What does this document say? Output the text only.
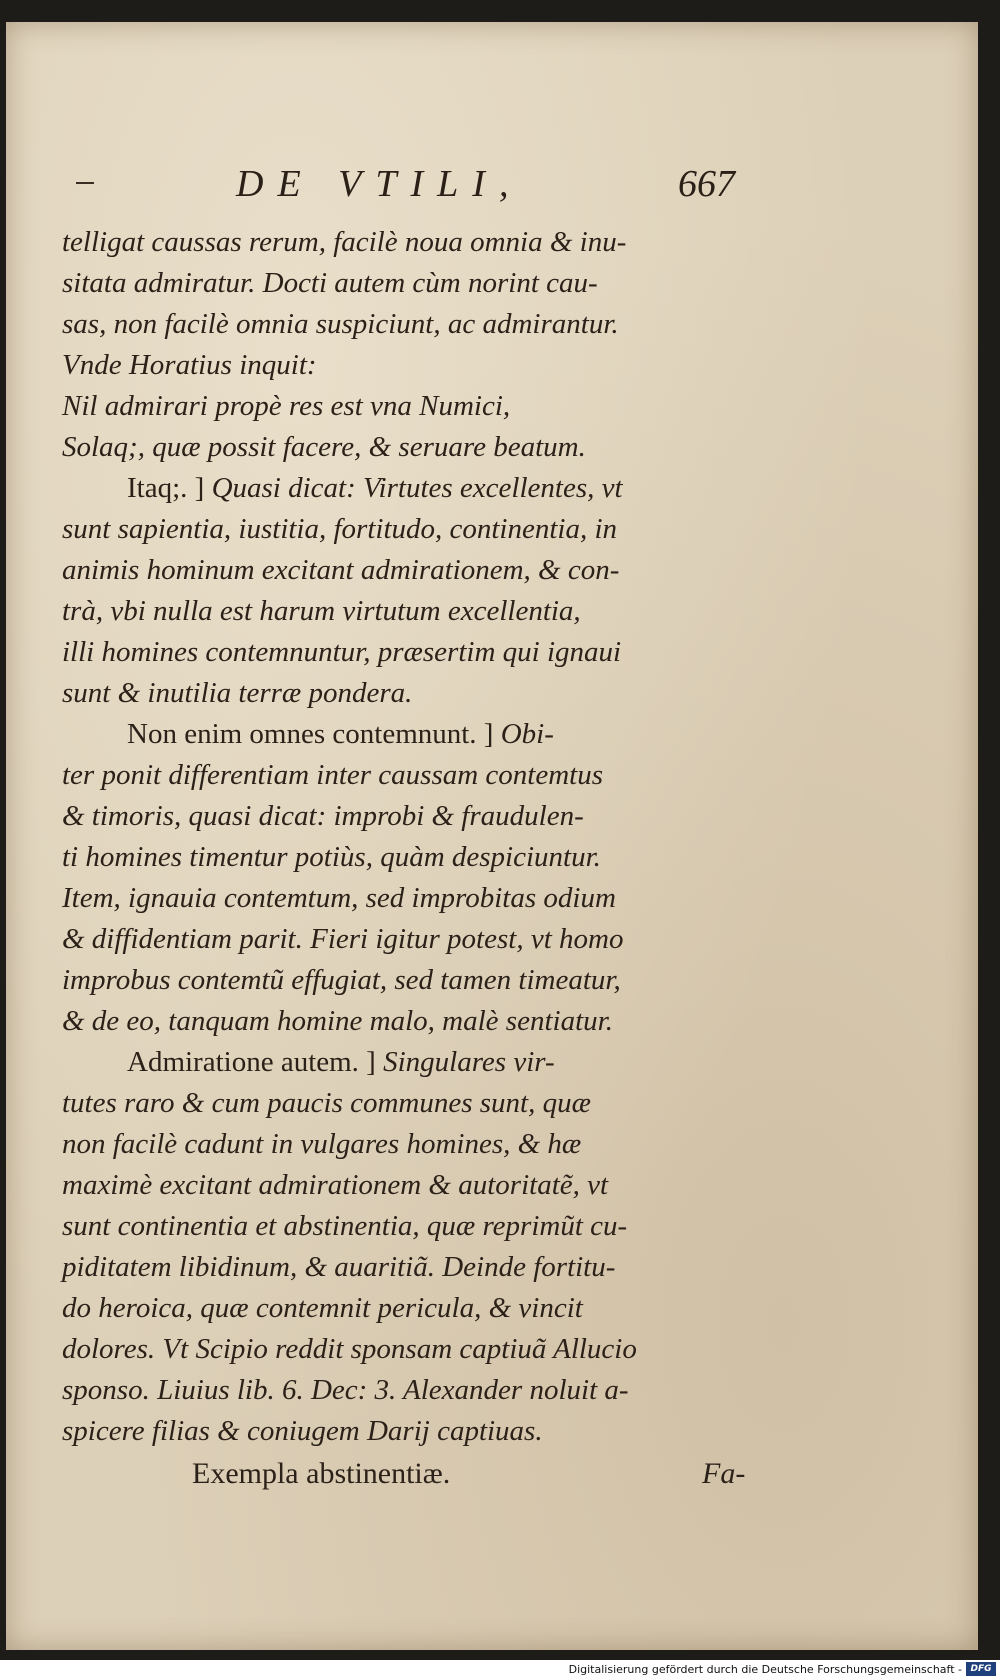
DE VTILI,	667
telligat caussas rerum, facilè noua omnia & inu-
sitata admiratur. Docti autem cùm norint cau-
sas, non facilè omnia suspiciunt, ac admirantur.
Vnde Horatius inquit:
Nil admirari propè res est vna Numici,
Solaq;, quæ possit facere, & seruare beatum.
Itaq;. ] Quasi dicat: Virtutes excellentes, vt
sunt sapientia, iustitia, fortitudo, continentia, in
animis hominum excitant admirationem, & con-
trà, vbi nulla est harum virtutum excellentia,
illi homines contemnuntur, præsertim qui ignaui
sunt & inutilia terræ pondera.
Non enim omnes contemnunt. ] Obi-
ter ponit differentiam inter caussam contemtus
& timoris, quasi dicat: improbi & fraudulen-
ti homines timentur potiùs, quàm despiciuntur.
Item, ignauia contemtum, sed improbitas odium
& diffidentiam parit. Fieri igitur potest, vt homo
improbus contemtũ effugiat, sed tamen timeatur,
& de eo, tanquam homine malo, malè sentiatur.
Admiratione autem. ] Singulares vir-
tutes raro & cum paucis communes sunt, quæ
non facilè cadunt in vulgares homines, & hæ
maximè excitant admirationem & autoritatẽ, vt
sunt continentia et abstinentia, quæ reprimũt cu-
piditatem libidinum, & auaritiã. Deinde fortitu-
do heroica, quæ contemnit pericula, & vincit
dolores. Vt Scipio reddit sponsam captiuã Allucio
sponso. Liuius lib. 6. Dec: 3. Alexander noluit a-
spicere filias & coniugem Darij captiuas.
Exempla abstinentiæ.	Fa-
Digitalisierung gefördert durch die Deutsche Forschungsgemeinschaft - DFG
